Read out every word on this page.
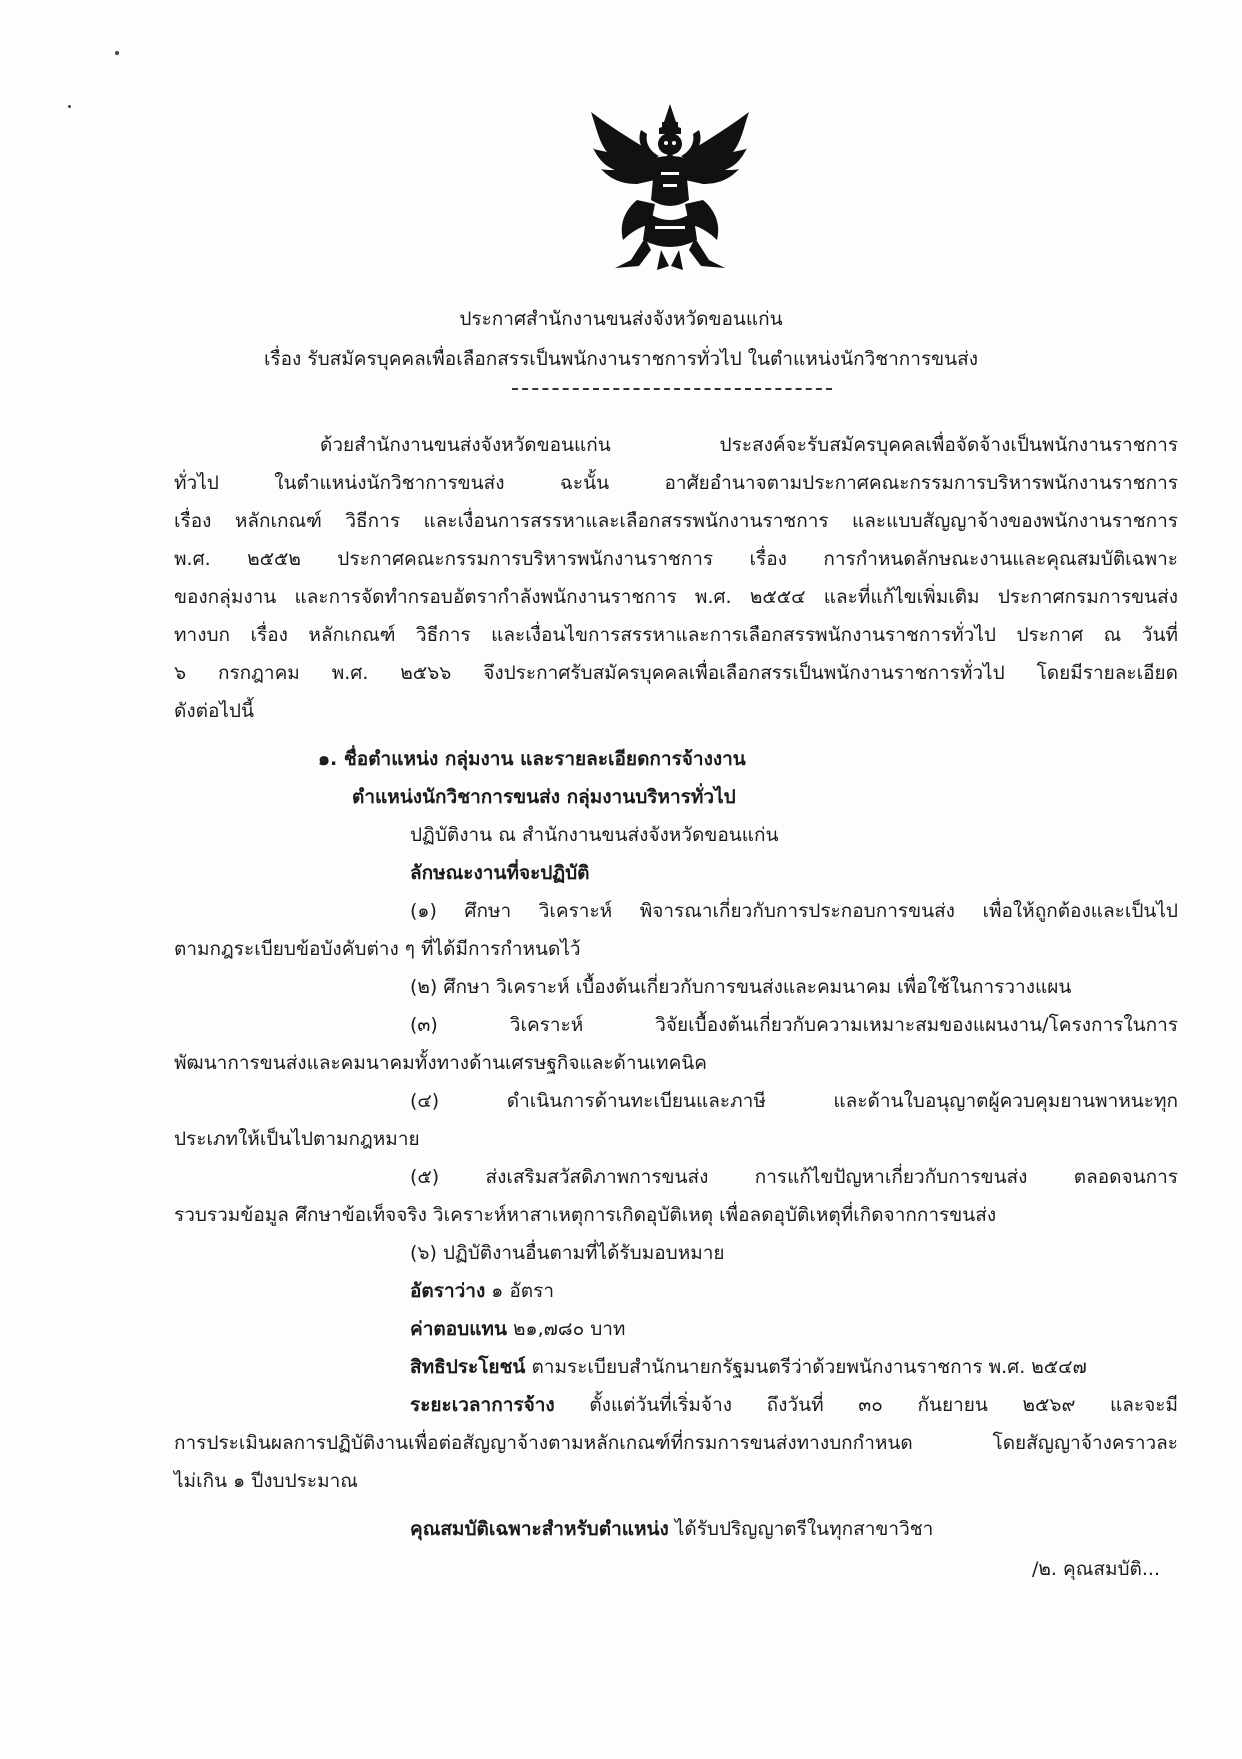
ประกาศสำนักงานขนส่งจังหวัดขอนแก่น
เรื่อง รับสมัครบุคคลเพื่อเลือกสรรเป็นพนักงานราชการทั่วไป ในตำแหน่งนักวิชาการขนส่ง
ด้วยสำนักงานขนส่งจังหวัดขอนแก่น ประสงค์จะรับสมัครบุคคลเพื่อจัดจ้างเป็นพนักงานราชการ
ทั่วไป ในตำแหน่งนักวิชาการขนส่ง ฉะนั้น อาศัยอำนาจตามประกาศคณะกรรมการบริหารพนักงานราชการ
เรื่อง หลักเกณฑ์ วิธีการ และเงื่อนการสรรหาและเลือกสรรพนักงานราชการ และแบบสัญญาจ้างของพนักงานราชการ
พ.ศ. ๒๕๕๒ ประกาศคณะกรรมการบริหารพนักงานราชการ เรื่อง การกำหนดลักษณะงานและคุณสมบัติเฉพาะ
ของกลุ่มงาน และการจัดทำกรอบอัตรากำลังพนักงานราชการ พ.ศ. ๒๕๕๔ และที่แก้ไขเพิ่มเติม ประกาศกรมการขนส่ง
ทางบก เรื่อง หลักเกณฑ์ วิธีการ และเงื่อนไขการสรรหาและการเลือกสรรพนักงานราชการทั่วไป ประกาศ ณ วันที่
๖ กรกฎาคม พ.ศ. ๒๕๖๖ จึงประกาศรับสมัครบุคคลเพื่อเลือกสรรเป็นพนักงานราชการทั่วไป โดยมีรายละเอียด
ดังต่อไปนี้
๑. ชื่อตำแหน่ง กลุ่มงาน และรายละเอียดการจ้างงาน
ตำแหน่งนักวิชาการขนส่ง กลุ่มงานบริหารทั่วไป
ปฏิบัติงาน ณ สำนักงานขนส่งจังหวัดขอนแก่น
ลักษณะงานที่จะปฏิบัติ
(๑) ศึกษา วิเคราะห์ พิจารณาเกี่ยวกับการประกอบการขนส่ง เพื่อให้ถูกต้องและเป็นไป
ตามกฎระเบียบข้อบังคับต่าง ๆ ที่ได้มีการกำหนดไว้
(๒) ศึกษา วิเคราะห์ เบื้องต้นเกี่ยวกับการขนส่งและคมนาคม เพื่อใช้ในการวางแผน
(๓) วิเคราะห์ วิจัยเบื้องต้นเกี่ยวกับความเหมาะสมของแผนงาน/โครงการในการ
พัฒนาการขนส่งและคมนาคมทั้งทางด้านเศรษฐกิจและด้านเทคนิค
(๔) ดำเนินการด้านทะเบียนและภาษี และด้านใบอนุญาตผู้ควบคุมยานพาหนะทุก
ประเภทให้เป็นไปตามกฎหมาย
(๕) ส่งเสริมสวัสดิภาพการขนส่ง การแก้ไขปัญหาเกี่ยวกับการขนส่ง ตลอดจนการ
รวบรวมข้อมูล ศึกษาข้อเท็จจริง วิเคราะห์หาสาเหตุการเกิดอุบัติเหตุ เพื่อลดอุบัติเหตุที่เกิดจากการขนส่ง
(๖) ปฏิบัติงานอื่นตามที่ได้รับมอบหมาย
อัตราว่าง ๑ อัตรา
ค่าตอบแทน ๒๑,๗๘๐ บาท
สิทธิประโยชน์ ตามระเบียบสำนักนายกรัฐมนตรีว่าด้วยพนักงานราชการ พ.ศ. ๒๕๔๗
ระยะเวลาการจ้าง ตั้งแต่วันที่เริ่มจ้าง ถึงวันที่ ๓๐ กันยายน ๒๕๖๙ และจะมี
การประเมินผลการปฏิบัติงานเพื่อต่อสัญญาจ้างตามหลักเกณฑ์ที่กรมการขนส่งทางบกกำหนด โดยสัญญาจ้างคราวละ
ไม่เกิน ๑ ปีงบประมาณ
คุณสมบัติเฉพาะสำหรับตำแหน่ง ได้รับปริญญาตรีในทุกสาขาวิชา
/๒. คุณสมบัติ...
